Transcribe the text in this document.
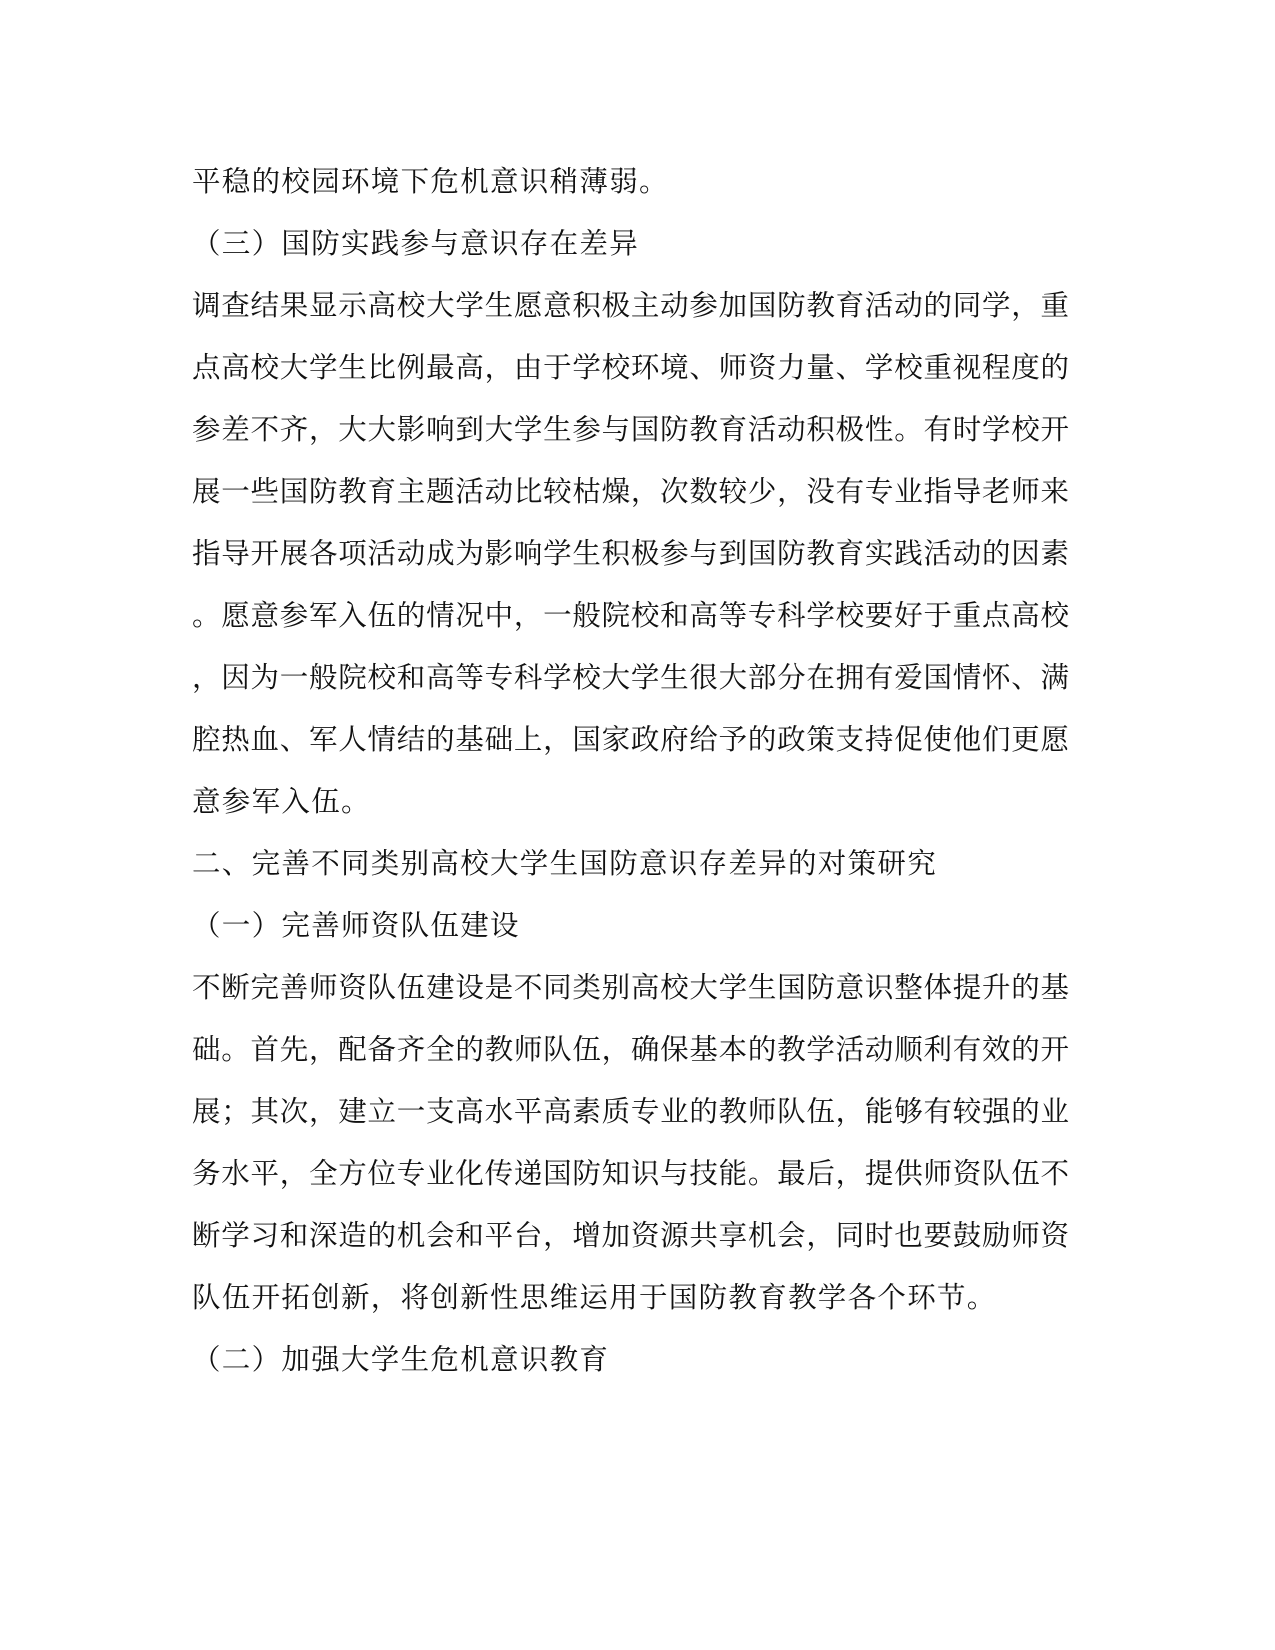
平稳的校园环境下危机意识稍薄弱。

（三）国防实践参与意识存在差异

调查结果显示高校大学生愿意积极主动参加国防教育活动的同学，重

点高校大学生比例最高，由于学校环境、师资力量、学校重视程度的

参差不齐，大大影响到大学生参与国防教育活动积极性。有时学校开

展一些国防教育主题活动比较枯燥，次数较少，没有专业指导老师来

指导开展各项活动成为影响学生积极参与到国防教育实践活动的因素

。愿意参军入伍的情况中，一般院校和高等专科学校要好于重点高校

，因为一般院校和高等专科学校大学生很大部分在拥有爱国情怀、满

腔热血、军人情结的基础上，国家政府给予的政策支持促使他们更愿

意参军入伍。

二、完善不同类别高校大学生国防意识存差异的对策研究

（一）完善师资队伍建设

不断完善师资队伍建设是不同类别高校大学生国防意识整体提升的基

础。首先，配备齐全的教师队伍，确保基本的教学活动顺利有效的开

展；其次，建立一支高水平高素质专业的教师队伍，能够有较强的业

务水平，全方位专业化传递国防知识与技能。最后，提供师资队伍不

断学习和深造的机会和平台，增加资源共享机会，同时也要鼓励师资

队伍开拓创新，将创新性思维运用于国防教育教学各个环节。

（二）加强大学生危机意识教育
